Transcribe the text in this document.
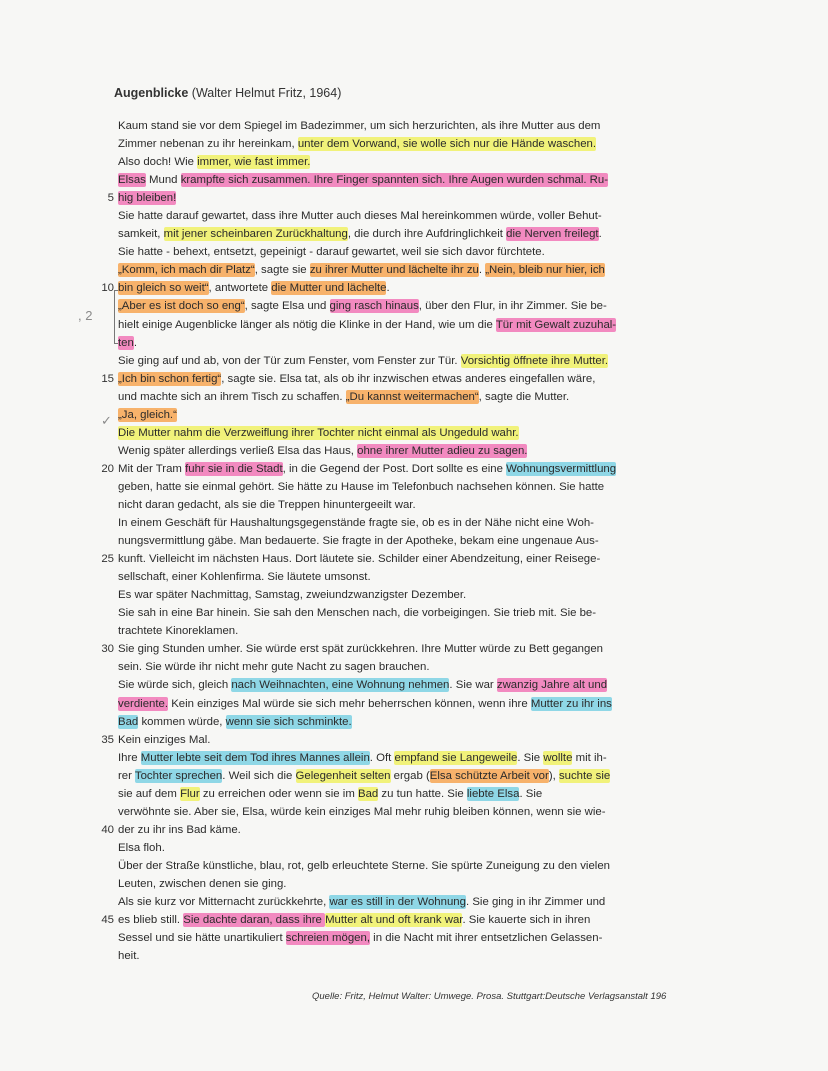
Augenblicke (Walter Helmut Fritz, 1964)
, 2
✓
Kaum stand sie vor dem Spiegel im Badezimmer, um sich herzurichten, als ihre Mutter aus dem
Zimmer nebenan zu ihr hereinkam, unter dem Vorwand, sie wolle sich nur die Hände waschen.
Also doch! Wie immer, wie fast immer.
Elsas Mund krampfte sich zusammen. Ihre Finger spannten sich. Ihre Augen wurden schmal. Ru-
5 hig bleiben!
Sie hatte darauf gewartet, dass ihre Mutter auch dieses Mal hereinkommen würde, voller Behut-
samkeit, mit jener scheinbaren Zurückhaltung, die durch ihre Aufdringlichkeit die Nerven freilegt.
Sie hatte - behext, entsetzt, gepeinigt - darauf gewartet, weil sie sich davor fürchtete.
„Komm, ich mach dir Platz“, sagte sie zu ihrer Mutter und lächelte ihr zu. „Nein, bleib nur hier, ich
10 bin gleich so weit“, antwortete die Mutter und lächelte.
„Aber es ist doch so eng“, sagte Elsa und ging rasch hinaus, über den Flur, in ihr Zimmer. Sie be-
hielt einige Augenblicke länger als nötig die Klinke in der Hand, wie um die Tür mit Gewalt zuzuhal-
ten.
Sie ging auf und ab, von der Tür zum Fenster, vom Fenster zur Tür. Vorsichtig öffnete ihre Mutter.
15 „Ich bin schon fertig“, sagte sie. Elsa tat, als ob ihr inzwischen etwas anderes eingefallen wäre,
und machte sich an ihrem Tisch zu schaffen. „Du kannst weitermachen“, sagte die Mutter.
„Ja, gleich.“
Die Mutter nahm die Verzweiflung ihrer Tochter nicht einmal als Ungeduld wahr.
Wenig später allerdings verließ Elsa das Haus, ohne ihrer Mutter adieu zu sagen.
20 Mit der Tram fuhr sie in die Stadt, in die Gegend der Post. Dort sollte es eine Wohnungsvermittlung
geben, hatte sie einmal gehört. Sie hätte zu Hause im Telefonbuch nachsehen können. Sie hatte
nicht daran gedacht, als sie die Treppen hinuntergeeilt war.
In einem Geschäft für Haushaltungsgegenstände fragte sie, ob es in der Nähe nicht eine Woh-
nungsvermittlung gäbe. Man bedauerte. Sie fragte in der Apotheke, bekam eine ungenaue Aus-
25 kunft. Vielleicht im nächsten Haus. Dort läutete sie. Schilder einer Abendzeitung, einer Reisege-
sellschaft, einer Kohlenfirma. Sie läutete umsonst.
Es war später Nachmittag, Samstag, zweiundzwanzigster Dezember.
Sie sah in eine Bar hinein. Sie sah den Menschen nach, die vorbeigingen. Sie trieb mit. Sie be-
trachtete Kinoreklamen.
30 Sie ging Stunden umher. Sie würde erst spät zurückkehren. Ihre Mutter würde zu Bett gegangen
sein. Sie würde ihr nicht mehr gute Nacht zu sagen brauchen.
Sie würde sich, gleich nach Weihnachten, eine Wohnung nehmen. Sie war zwanzig Jahre alt und
verdiente. Kein einziges Mal würde sie sich mehr beherrschen können, wenn ihre Mutter zu ihr ins
Bad kommen würde, wenn sie sich schminkte.
35 Kein einziges Mal.
Ihre Mutter lebte seit dem Tod ihres Mannes allein. Oft empfand sie Langeweile. Sie wollte mit ih-
rer Tochter sprechen. Weil sich die Gelegenheit selten ergab (Elsa schützte Arbeit vor), suchte sie
sie auf dem Flur zu erreichen oder wenn sie im Bad zu tun hatte. Sie liebte Elsa. Sie
verwöhnte sie. Aber sie, Elsa, würde kein einziges Mal mehr ruhig bleiben können, wenn sie wie-
40 der zu ihr ins Bad käme.
Elsa floh.
Über der Straße künstliche, blau, rot, gelb erleuchtete Sterne. Sie spürte Zuneigung zu den vielen
Leuten, zwischen denen sie ging.
Als sie kurz vor Mitternacht zurückkehrte, war es still in der Wohnung. Sie ging in ihr Zimmer und
45 es blieb still. Sie dachte daran, dass ihre Mutter alt und oft krank war. Sie kauerte sich in ihren
Sessel und sie hätte unartikuliert schreien mögen, in die Nacht mit ihrer entsetzlichen Gelassen-
heit.
Quelle: Fritz, Helmut Walter: Umwege. Prosa. Stuttgart:Deutsche Verlagsanstalt 196
